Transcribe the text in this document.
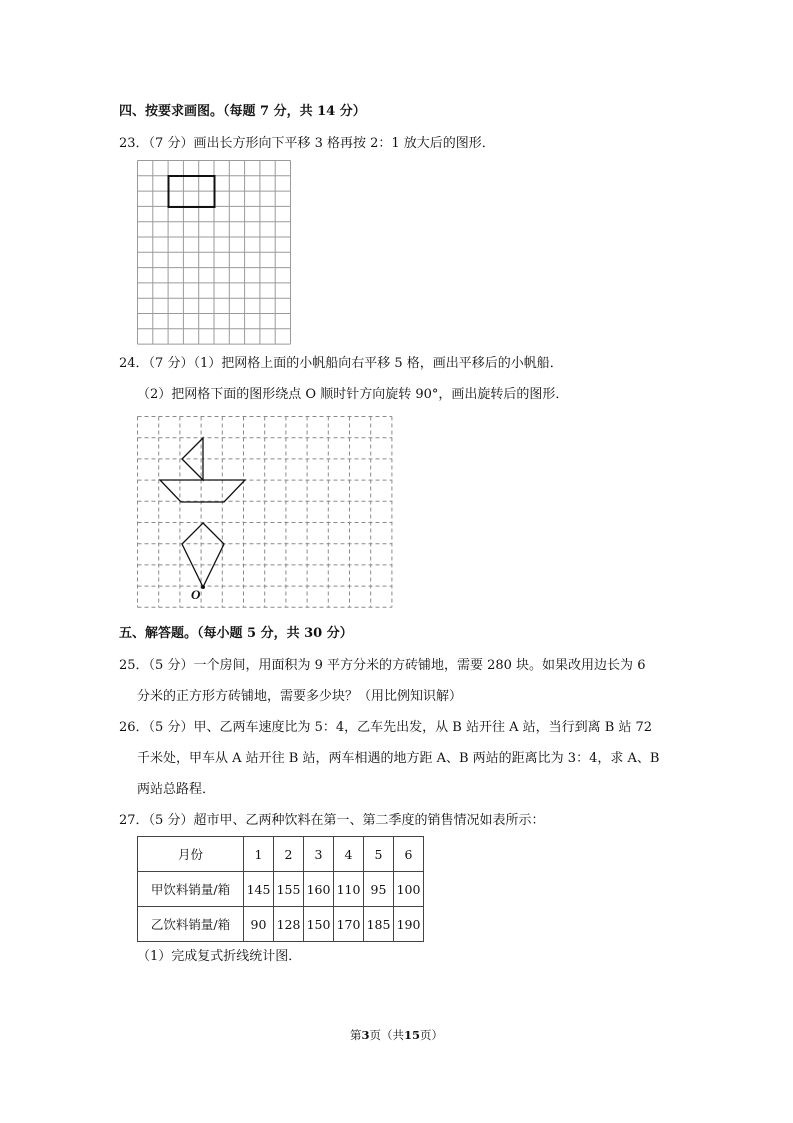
四、按要求画图。（每题 7 分，共 14 分）
23．（7 分）画出长方形向下平移 3 格再按 2：1 放大后的图形．
24．（7 分）（1）把网格上面的小帆船向右平移 5 格，画出平移后的小帆船．
（2）把网格下面的图形绕点 O 顺时针方向旋转 90°，画出旋转后的图形．
O
五、解答题。（每小题 5 分，共 30 分）
25．（5 分）一个房间，用面积为 9 平方分米的方砖铺地，需要 280 块。如果改用边长为 6
分米的正方形方砖铺地，需要多少块？（用比例知识解）
26．（5 分）甲、乙两车速度比为 5：4，乙车先出发，从 B 站开往 A 站，当行到离 B 站 72
千米处，甲车从 A 站开往 B 站，两车相遇的地方距 A、B 两站的距离比为 3：4，求 A、B
两站总路程．
27．（5 分）超市甲、乙两种饮料在第一、第二季度的销售情况如表所示：
月份	1	2	3	4	5	6
甲饮料销量/箱	145	155	160	110	95	100
乙饮料销量/箱	90	128	150	170	185	190
（1）完成复式折线统计图．
第3页（共15页）
